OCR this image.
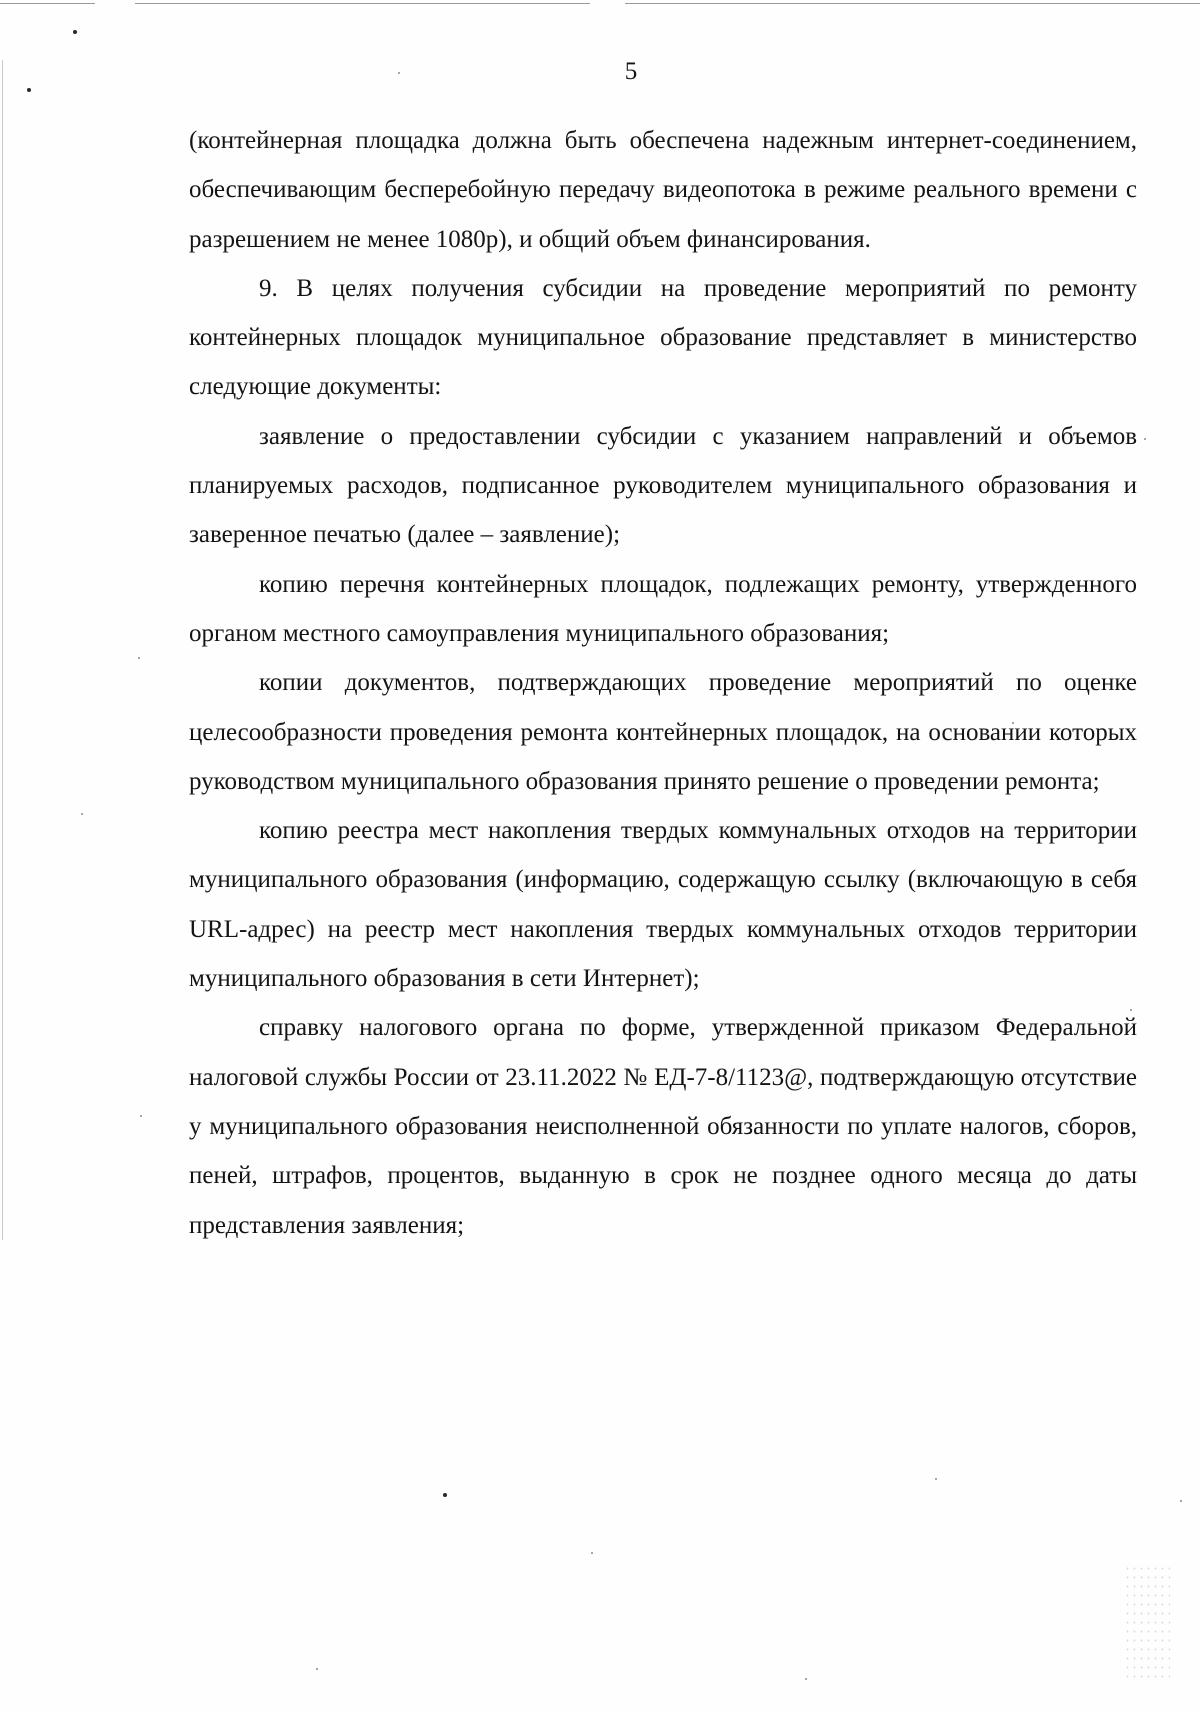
5

(контейнерная площадка должна быть обеспечена надежным интернет-соединением, обеспечивающим бесперебойную передачу видеопотока в режиме реального времени с разрешением не менее 1080р), и общий объем финансирования.

9. В целях получения субсидии на проведение мероприятий по ремонту контейнерных площадок муниципальное образование представляет в министерство следующие документы:

заявление о предоставлении субсидии с указанием направлений и объемов планируемых расходов, подписанное руководителем муниципального образования и заверенное печатью (далее – заявление);

копию перечня контейнерных площадок, подлежащих ремонту, утвержденного органом местного самоуправления муниципального образования;

копии документов, подтверждающих проведение мероприятий по оценке целесообразности проведения ремонта контейнерных площадок, на основании которых руководством муниципального образования принято решение о проведении ремонта;

копию реестра мест накопления твердых коммунальных отходов на территории муниципального образования (информацию, содержащую ссылку (включающую в себя URL-адрес) на реестр мест накопления твердых коммунальных отходов территории муниципального образования в сети Интернет);

справку налогового органа по форме, утвержденной приказом Федеральной налоговой службы России от 23.11.2022 № ЕД-7-8/1123@, подтверждающую отсутствие у муниципального образования неисполненной обязанности по уплате налогов, сборов, пеней, штрафов, процентов, выданную в срок не позднее одного месяца до даты представления заявления;
